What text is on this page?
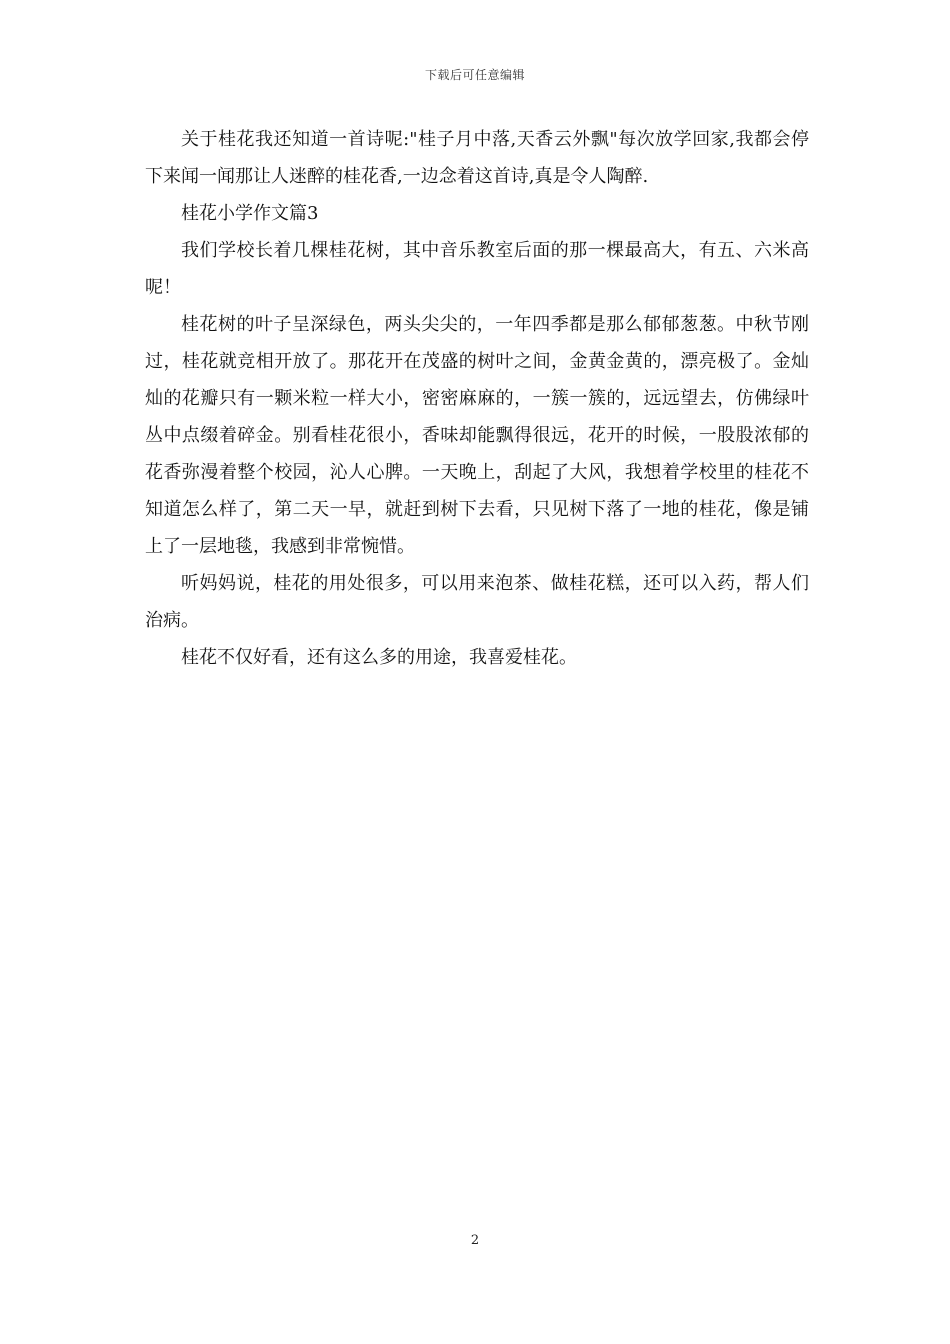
下载后可任意编辑

关于桂花我还知道一首诗呢:"桂子月中落,天香云外飘"每次放学回家,我都会停下来闻一闻那让人迷醉的桂花香,一边念着这首诗,真是令人陶醉.

桂花小学作文篇3

我们学校长着几棵桂花树，其中音乐教室后面的那一棵最高大，有五、六米高呢！

桂花树的叶子呈深绿色，两头尖尖的，一年四季都是那么郁郁葱葱。中秋节刚过，桂花就竞相开放了。那花开在茂盛的树叶之间，金黄金黄的，漂亮极了。金灿灿的花瓣只有一颗米粒一样大小，密密麻麻的，一簇一簇的，远远望去，仿佛绿叶丛中点缀着碎金。别看桂花很小，香味却能飘得很远，花开的时候，一股股浓郁的花香弥漫着整个校园，沁人心脾。一天晚上，刮起了大风，我想着学校里的桂花不知道怎么样了，第二天一早，就赶到树下去看，只见树下落了一地的桂花，像是铺上了一层地毯，我感到非常惋惜。

听妈妈说，桂花的用处很多，可以用来泡茶、做桂花糕，还可以入药，帮人们治病。

桂花不仅好看，还有这么多的用途，我喜爱桂花。

2
